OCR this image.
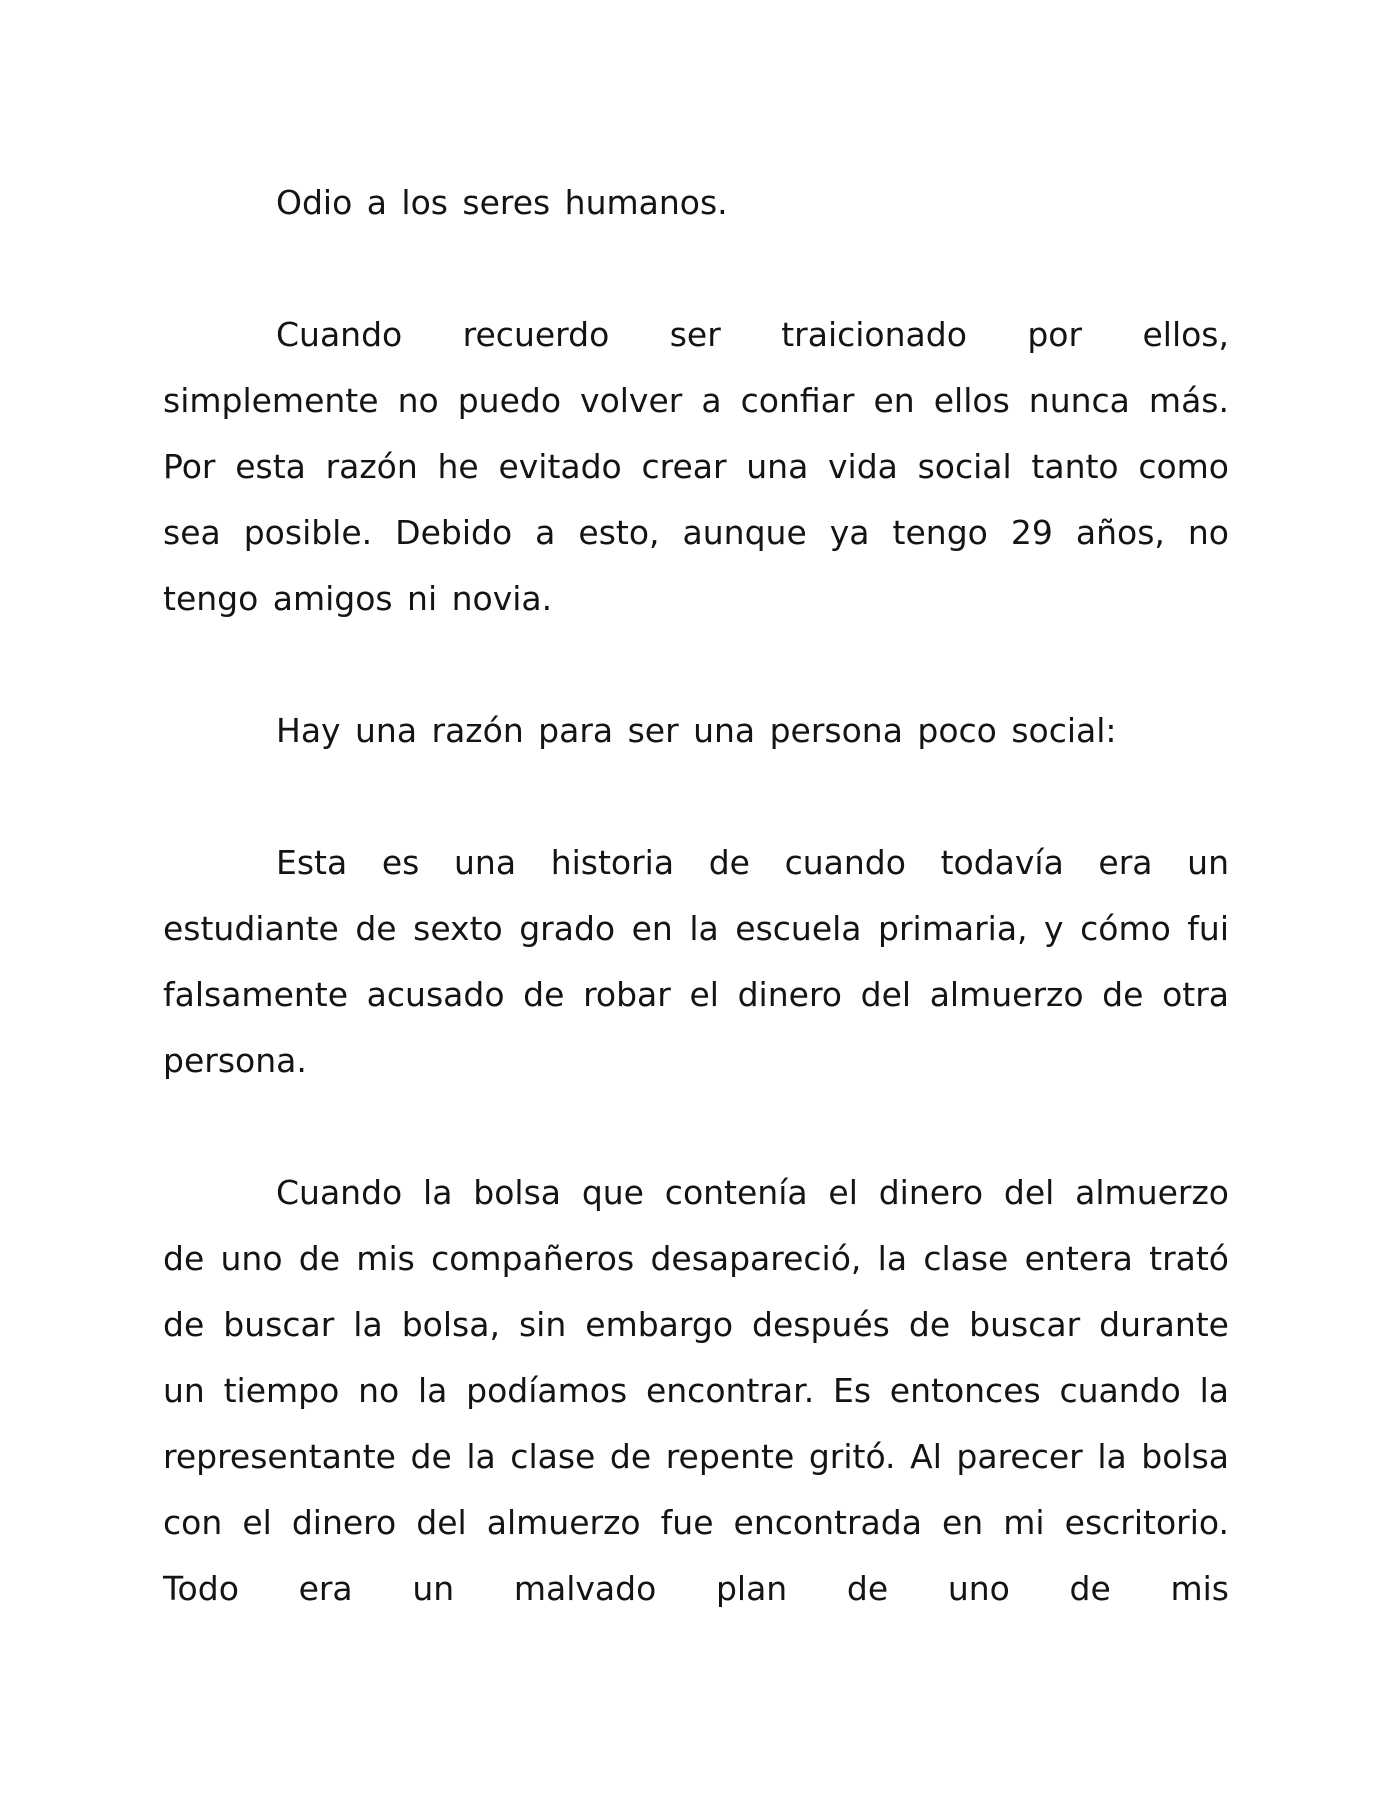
Odio a los seres humanos.

Cuando recuerdo ser traicionado por ellos, simplemente no puedo volver a confiar en ellos nunca más. Por esta razón he evitado crear una vida social tanto como sea posible. Debido a esto, aunque ya tengo 29 años, no tengo amigos ni novia.

Hay una razón para ser una persona poco social:

Esta es una historia de cuando todavía era un estudiante de sexto grado en la escuela primaria, y cómo fui falsamente acusado de robar el dinero del almuerzo de otra persona.

Cuando la bolsa que contenía el dinero del almuerzo de uno de mis compañeros desapareció, la clase entera trató de buscar la bolsa, sin embargo después de buscar durante un tiempo no la podíamos encontrar. Es entonces cuando la representante de la clase de repente gritó. Al parecer la bolsa con el dinero del almuerzo fue encontrada en mi escritorio. Todo era un malvado plan de uno de mis
